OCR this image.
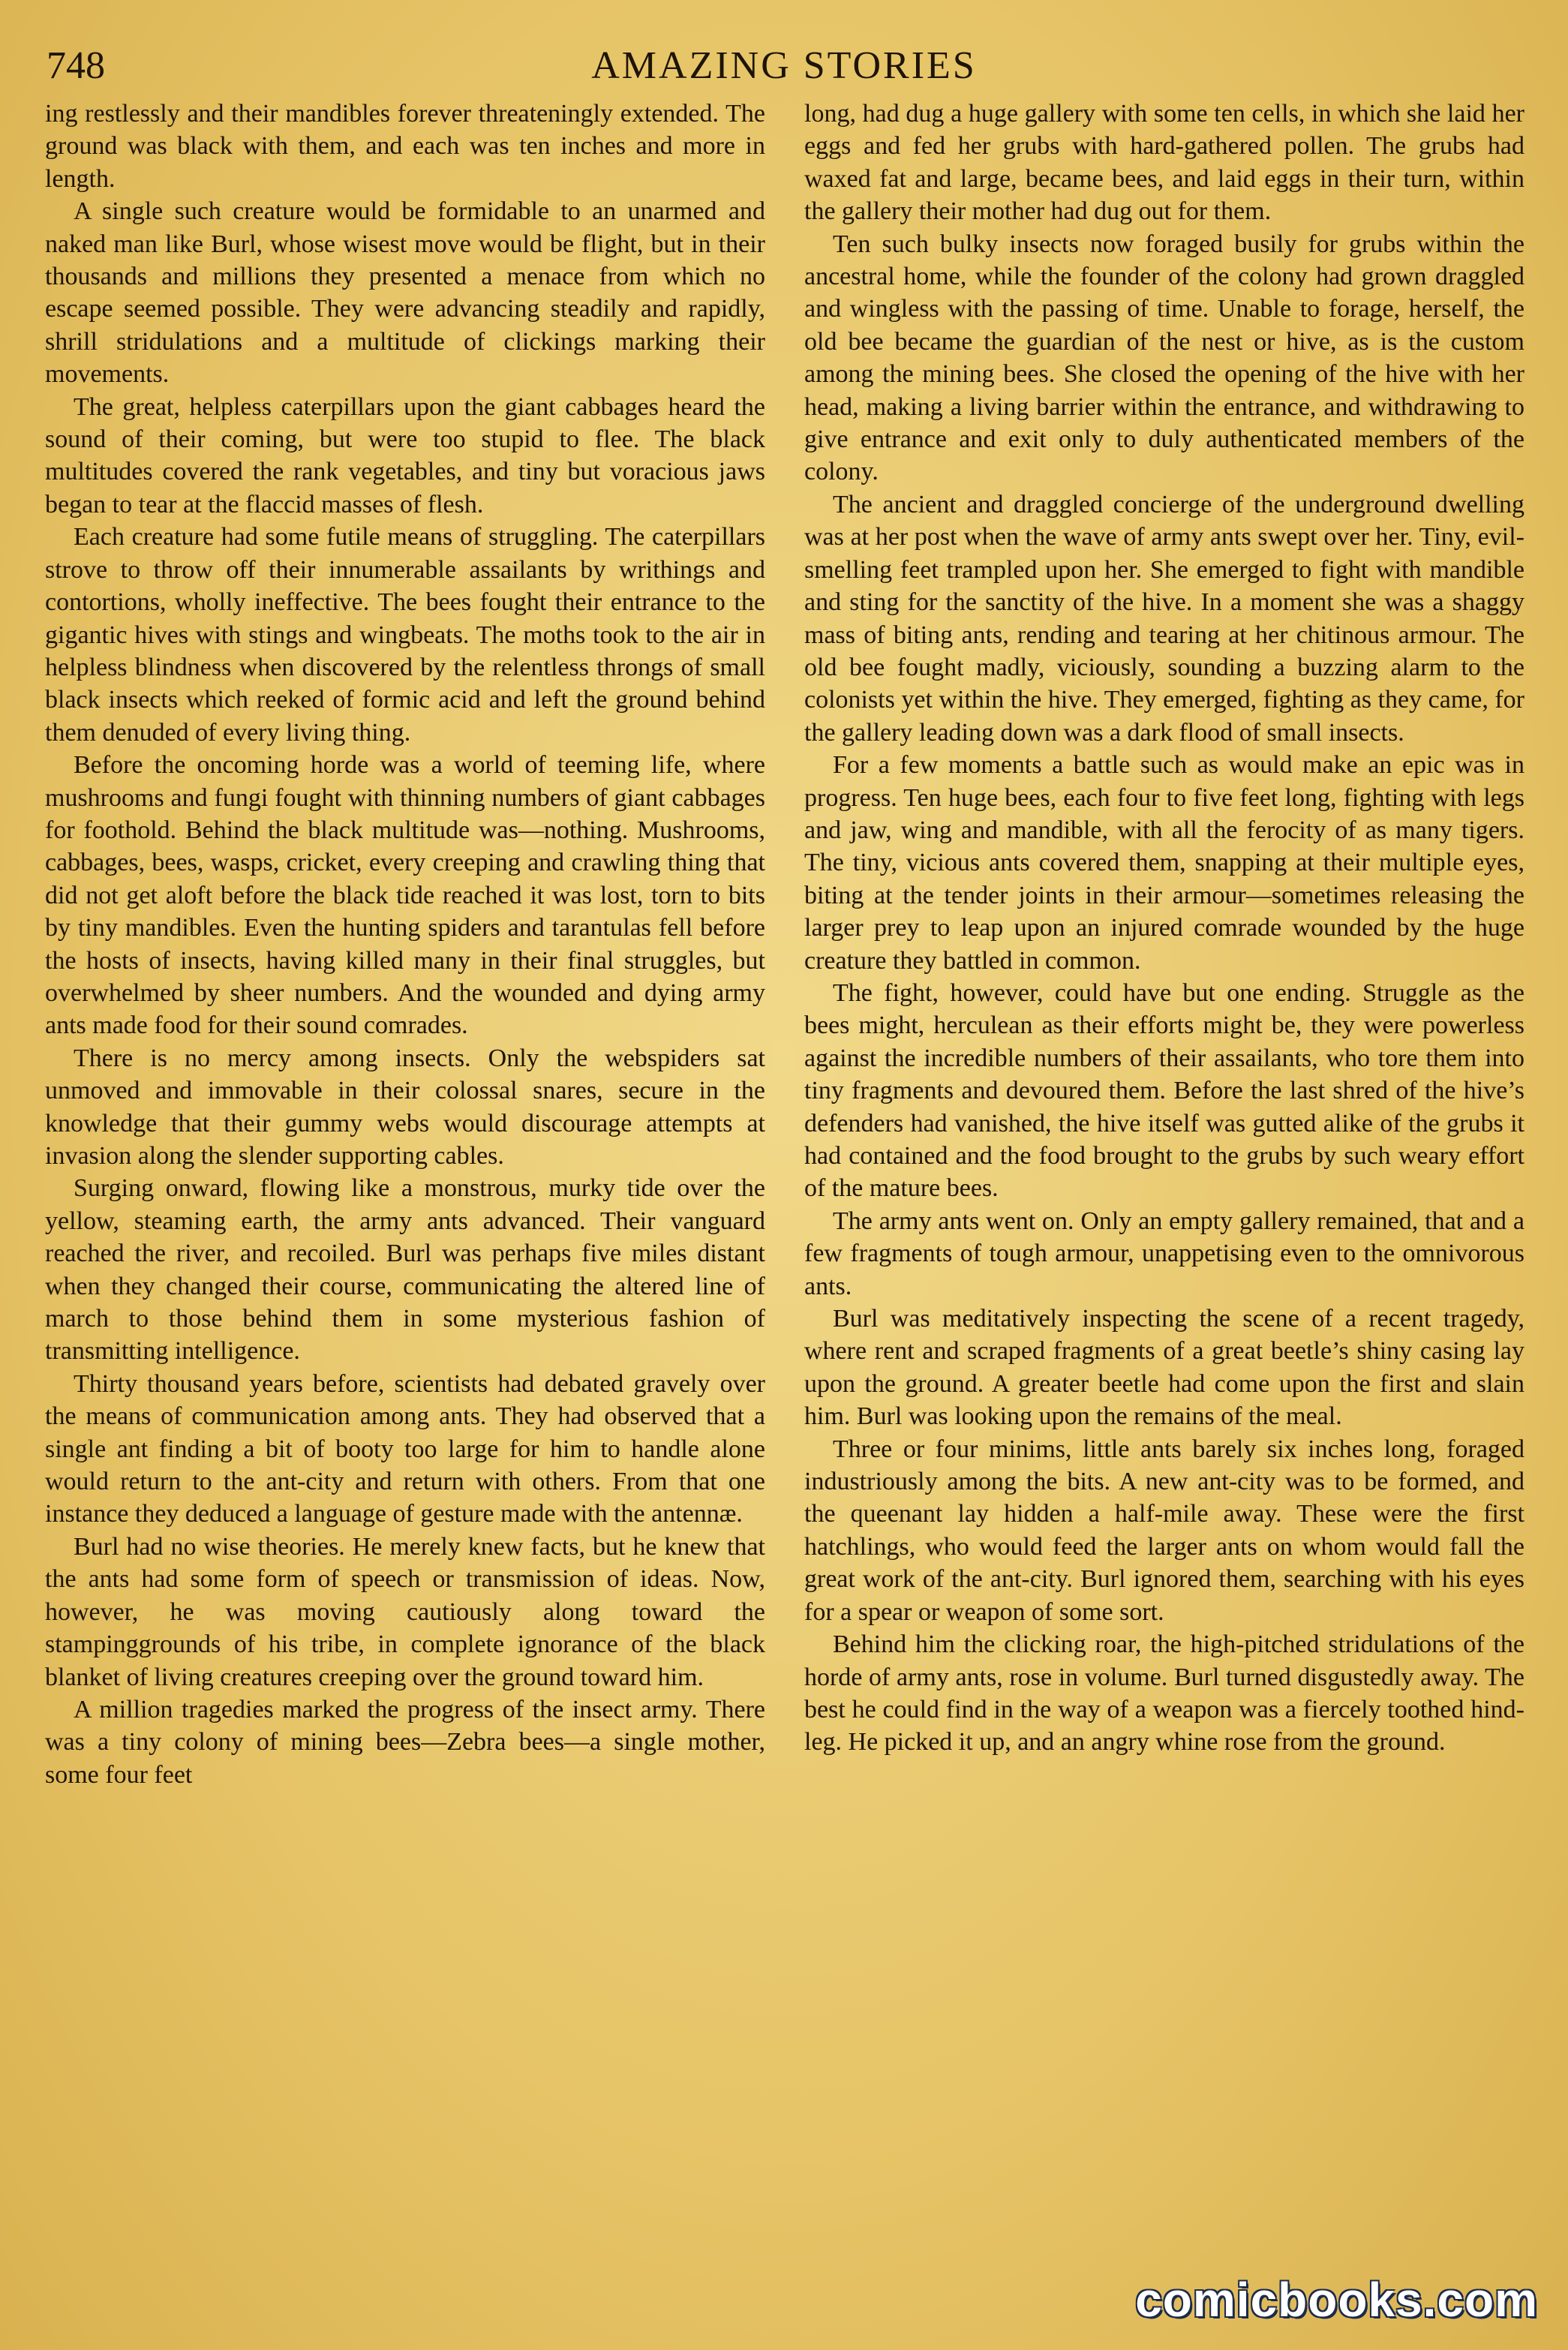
748	AMAZING STORIES

ing restlessly and their mandibles forever threateningly extended. The ground was black with them, and each was ten inches and more in length.

A single such creature would be formidable to an unarmed and naked man like Burl, whose wisest move would be flight, but in their thousands and millions they presented a menace from which no escape seemed possible. They were advancing steadily and rapidly, shrill stridulations and a multitude of clickings marking their movements.

The great, helpless caterpillars upon the giant cabbages heard the sound of their coming, but were too stupid to flee. The black multitudes covered the rank vegetables, and tiny but voracious jaws began to tear at the flaccid masses of flesh.

Each creature had some futile means of struggling. The caterpillars strove to throw off their innumerable assailants by writhings and contortions, wholly ineffective. The bees fought their entrance to the gigantic hives with stings and wingbeats. The moths took to the air in helpless blindness when discovered by the relentless throngs of small black insects which reeked of formic acid and left the ground behind them denuded of every living thing.

Before the oncoming horde was a world of teeming life, where mushrooms and fungi fought with thinning numbers of giant cabbages for foothold. Behind the black multitude was—nothing. Mushrooms, cabbages, bees, wasps, cricket, every creeping and crawling thing that did not get aloft before the black tide reached it was lost, torn to bits by tiny mandibles. Even the hunting spiders and tarantulas fell before the hosts of insects, having killed many in their final struggles, but overwhelmed by sheer numbers. And the wounded and dying army ants made food for their sound comrades.

There is no mercy among insects. Only the webspiders sat unmoved and immovable in their colossal snares, secure in the knowledge that their gummy webs would discourage attempts at invasion along the slender supporting cables.

Surging onward, flowing like a monstrous, murky tide over the yellow, steaming earth, the army ants advanced. Their vanguard reached the river, and recoiled. Burl was perhaps five miles distant when they changed their course, communicating the altered line of march to those behind them in some mysterious fashion of transmitting intelligence.

Thirty thousand years before, scientists had debated gravely over the means of communication among ants. They had observed that a single ant finding a bit of booty too large for him to handle alone would return to the ant-city and return with others. From that one instance they deduced a language of gesture made with the antennæ.

Burl had no wise theories. He merely knew facts, but he knew that the ants had some form of speech or transmission of ideas. Now, however, he was moving cautiously along toward the stampinggrounds of his tribe, in complete ignorance of the black blanket of living creatures creeping over the ground toward him.

A million tragedies marked the progress of the insect army. There was a tiny colony of mining bees—Zebra bees—a single mother, some four feet

long, had dug a huge gallery with some ten cells, in which she laid her eggs and fed her grubs with hard-gathered pollen. The grubs had waxed fat and large, became bees, and laid eggs in their turn, within the gallery their mother had dug out for them.

Ten such bulky insects now foraged busily for grubs within the ancestral home, while the founder of the colony had grown draggled and wingless with the passing of time. Unable to forage, herself, the old bee became the guardian of the nest or hive, as is the custom among the mining bees. She closed the opening of the hive with her head, making a living barrier within the entrance, and withdrawing to give entrance and exit only to duly authenticated members of the colony.

The ancient and draggled concierge of the underground dwelling was at her post when the wave of army ants swept over her. Tiny, evil-smelling feet trampled upon her. She emerged to fight with mandible and sting for the sanctity of the hive. In a moment she was a shaggy mass of biting ants, rending and tearing at her chitinous armour. The old bee fought madly, viciously, sounding a buzzing alarm to the colonists yet within the hive. They emerged, fighting as they came, for the gallery leading down was a dark flood of small insects.

For a few moments a battle such as would make an epic was in progress. Ten huge bees, each four to five feet long, fighting with legs and jaw, wing and mandible, with all the ferocity of as many tigers. The tiny, vicious ants covered them, snapping at their multiple eyes, biting at the tender joints in their armour—sometimes releasing the larger prey to leap upon an injured comrade wounded by the huge creature they battled in common.

The fight, however, could have but one ending. Struggle as the bees might, herculean as their efforts might be, they were powerless against the incredible numbers of their assailants, who tore them into tiny fragments and devoured them. Before the last shred of the hive’s defenders had vanished, the hive itself was gutted alike of the grubs it had contained and the food brought to the grubs by such weary effort of the mature bees.

The army ants went on. Only an empty gallery remained, that and a few fragments of tough armour, unappetising even to the omnivorous ants.

Burl was meditatively inspecting the scene of a recent tragedy, where rent and scraped fragments of a great beetle’s shiny casing lay upon the ground. A greater beetle had come upon the first and slain him. Burl was looking upon the remains of the meal.

Three or four minims, little ants barely six inches long, foraged industriously among the bits. A new ant-city was to be formed, and the queenant lay hidden a half-mile away. These were the first hatchlings, who would feed the larger ants on whom would fall the great work of the ant-city. Burl ignored them, searching with his eyes for a spear or weapon of some sort.

Behind him the clicking roar, the high-pitched stridulations of the horde of army ants, rose in volume. Burl turned disgustedly away. The best he could find in the way of a weapon was a fiercely toothed hind-leg. He picked it up, and an angry whine rose from the ground.

comicbooks.com
